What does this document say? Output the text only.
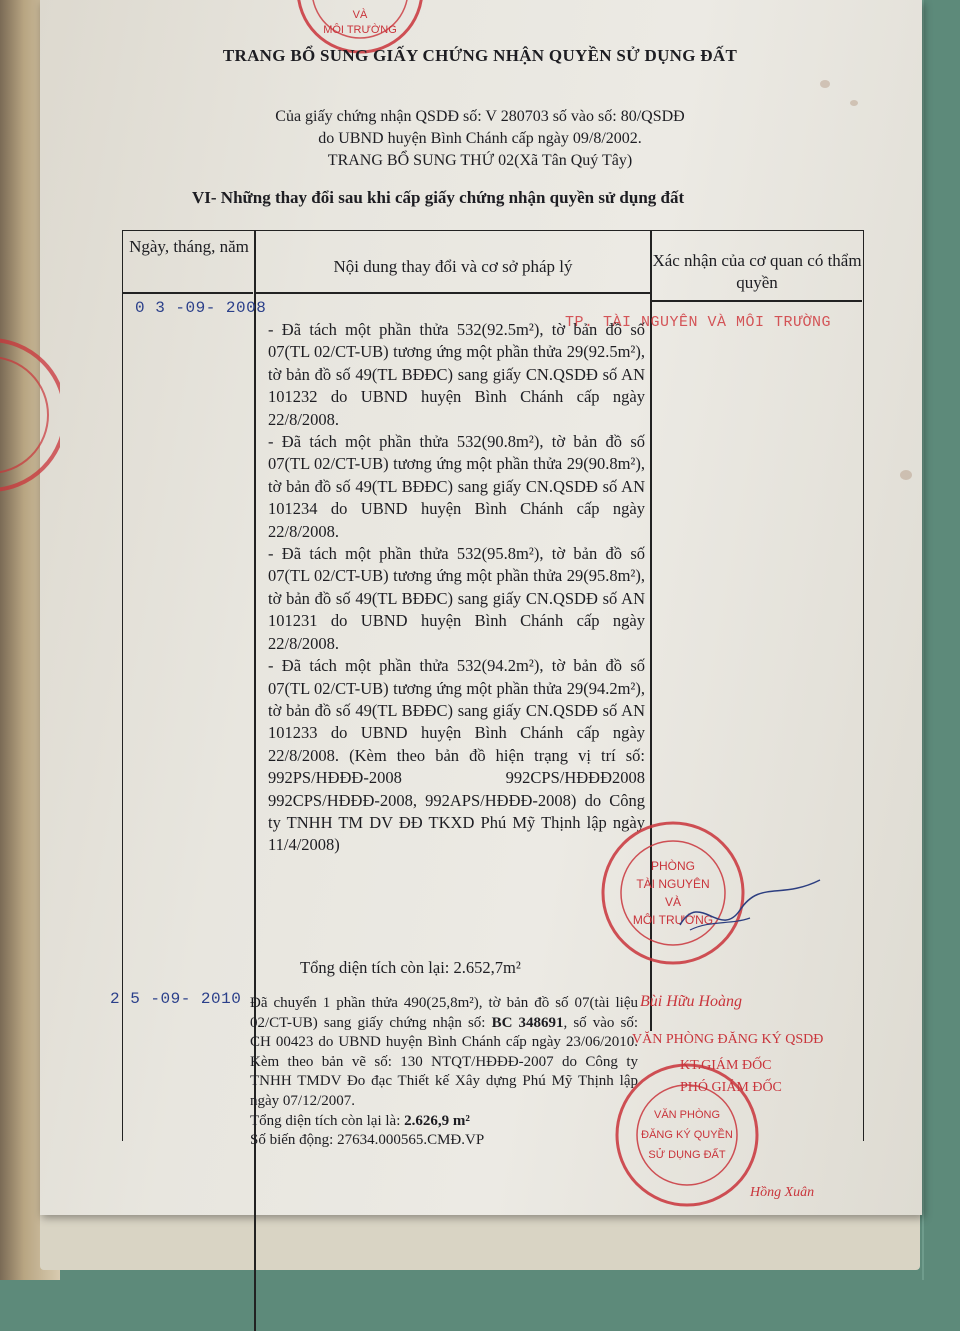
VÀ
MÔI TRƯỜNG
TRANG BỔ SUNG GIẤY CHỨNG NHẬN QUYỀN SỬ DỤNG ĐẤT
Của giấy chứng nhận QSDĐ số: V 280703 số vào số: 80/QSDĐ
do UBND huyện Bình Chánh cấp ngày 09/8/2002.
TRANG BỔ SUNG THỨ 02(Xã Tân Quý Tây)
VI- Những thay đổi sau khi cấp giấy chứng nhận quyền sử dụng đất
Ngày, tháng, năm
Nội dung thay đổi và cơ sở pháp lý	Xác nhận của cơ quan có thẩm quyền
0 3 -09- 2008
TP. TÀI NGUYÊN VÀ MÔI TRƯỜNG

- Đã tách một phần thửa 532(92.5m²), tờ bản đồ số 07(TL 02/CT-UB) tương ứng một phần thửa 29(92.5m²), tờ bản đồ số 49(TL BĐĐC) sang giấy CN.QSDĐ số AN 101232 do UBND huyện Bình Chánh cấp ngày 22/8/2008.

- Đã tách một phần thửa 532(90.8m²), tờ bản đồ số 07(TL 02/CT-UB) tương ứng một phần thửa 29(90.8m²), tờ bản đồ số 49(TL BĐĐC) sang giấy CN.QSDĐ số AN 101234 do UBND huyện Bình Chánh cấp ngày 22/8/2008.

- Đã tách một phần thửa 532(95.8m²), tờ bản đồ số 07(TL 02/CT-UB) tương ứng một phần thửa 29(95.8m²), tờ bản đồ số 49(TL BĐĐC) sang giấy CN.QSDĐ số AN 101231 do UBND huyện Bình Chánh cấp ngày 22/8/2008.

- Đã tách một phần thửa 532(94.2m²), tờ bản đồ số 07(TL 02/CT-UB) tương ứng một phần thửa 29(94.2m²), tờ bản đồ số 49(TL BĐĐC) sang giấy CN.QSDĐ số AN 101233 do UBND huyện Bình Chánh cấp ngày 22/8/2008. (Kèm theo bản đồ hiện trạng vị trí số: 992PS/HĐĐĐ-2008 992CPS/HĐĐĐ2008 992CPS/HĐĐĐ-2008, 992APS/HĐĐĐ-2008) do Công ty TNHH TM DV ĐĐ TKXD Phú Mỹ Thịnh lập ngày 11/4/2008)

Tổng diện tích còn lại: 2.652,7m²
2 5 -09- 2010 Đã chuyển 1 phần thửa 490(25,8m²), tờ bản đồ số 07(tài liệu 02/CT-UB) sang giấy chứng nhận số: BC 348691, số vào số: CH 00423 do UBND huyện Bình Chánh cấp ngày 23/06/2010. Kèm theo bản vẽ số: 130 NTQT/HĐĐĐ-2007 do Công ty TNHH TMDV Đo đạc Thiết kế Xây dựng Phú Mỹ Thịnh lập ngày 07/12/2007.

Tổng diện tích còn lại là: 2.626,9 m²

Số biến động: 27634.000565.CMĐ.VP

PHÒNG
TÀI NGUYÊN
VÀ
MÔI TRƯỜNG
Bùi Hữu Hoàng
VĂN PHÒNG ĐĂNG KÝ QSDĐ
KT.GIÁM ĐỐC
PHÓ GIÁM ĐỐC
Hồng Xuân
VĂN PHÒNG
ĐĂNG KÝ QUYỀN
SỬ DỤNG ĐẤT
